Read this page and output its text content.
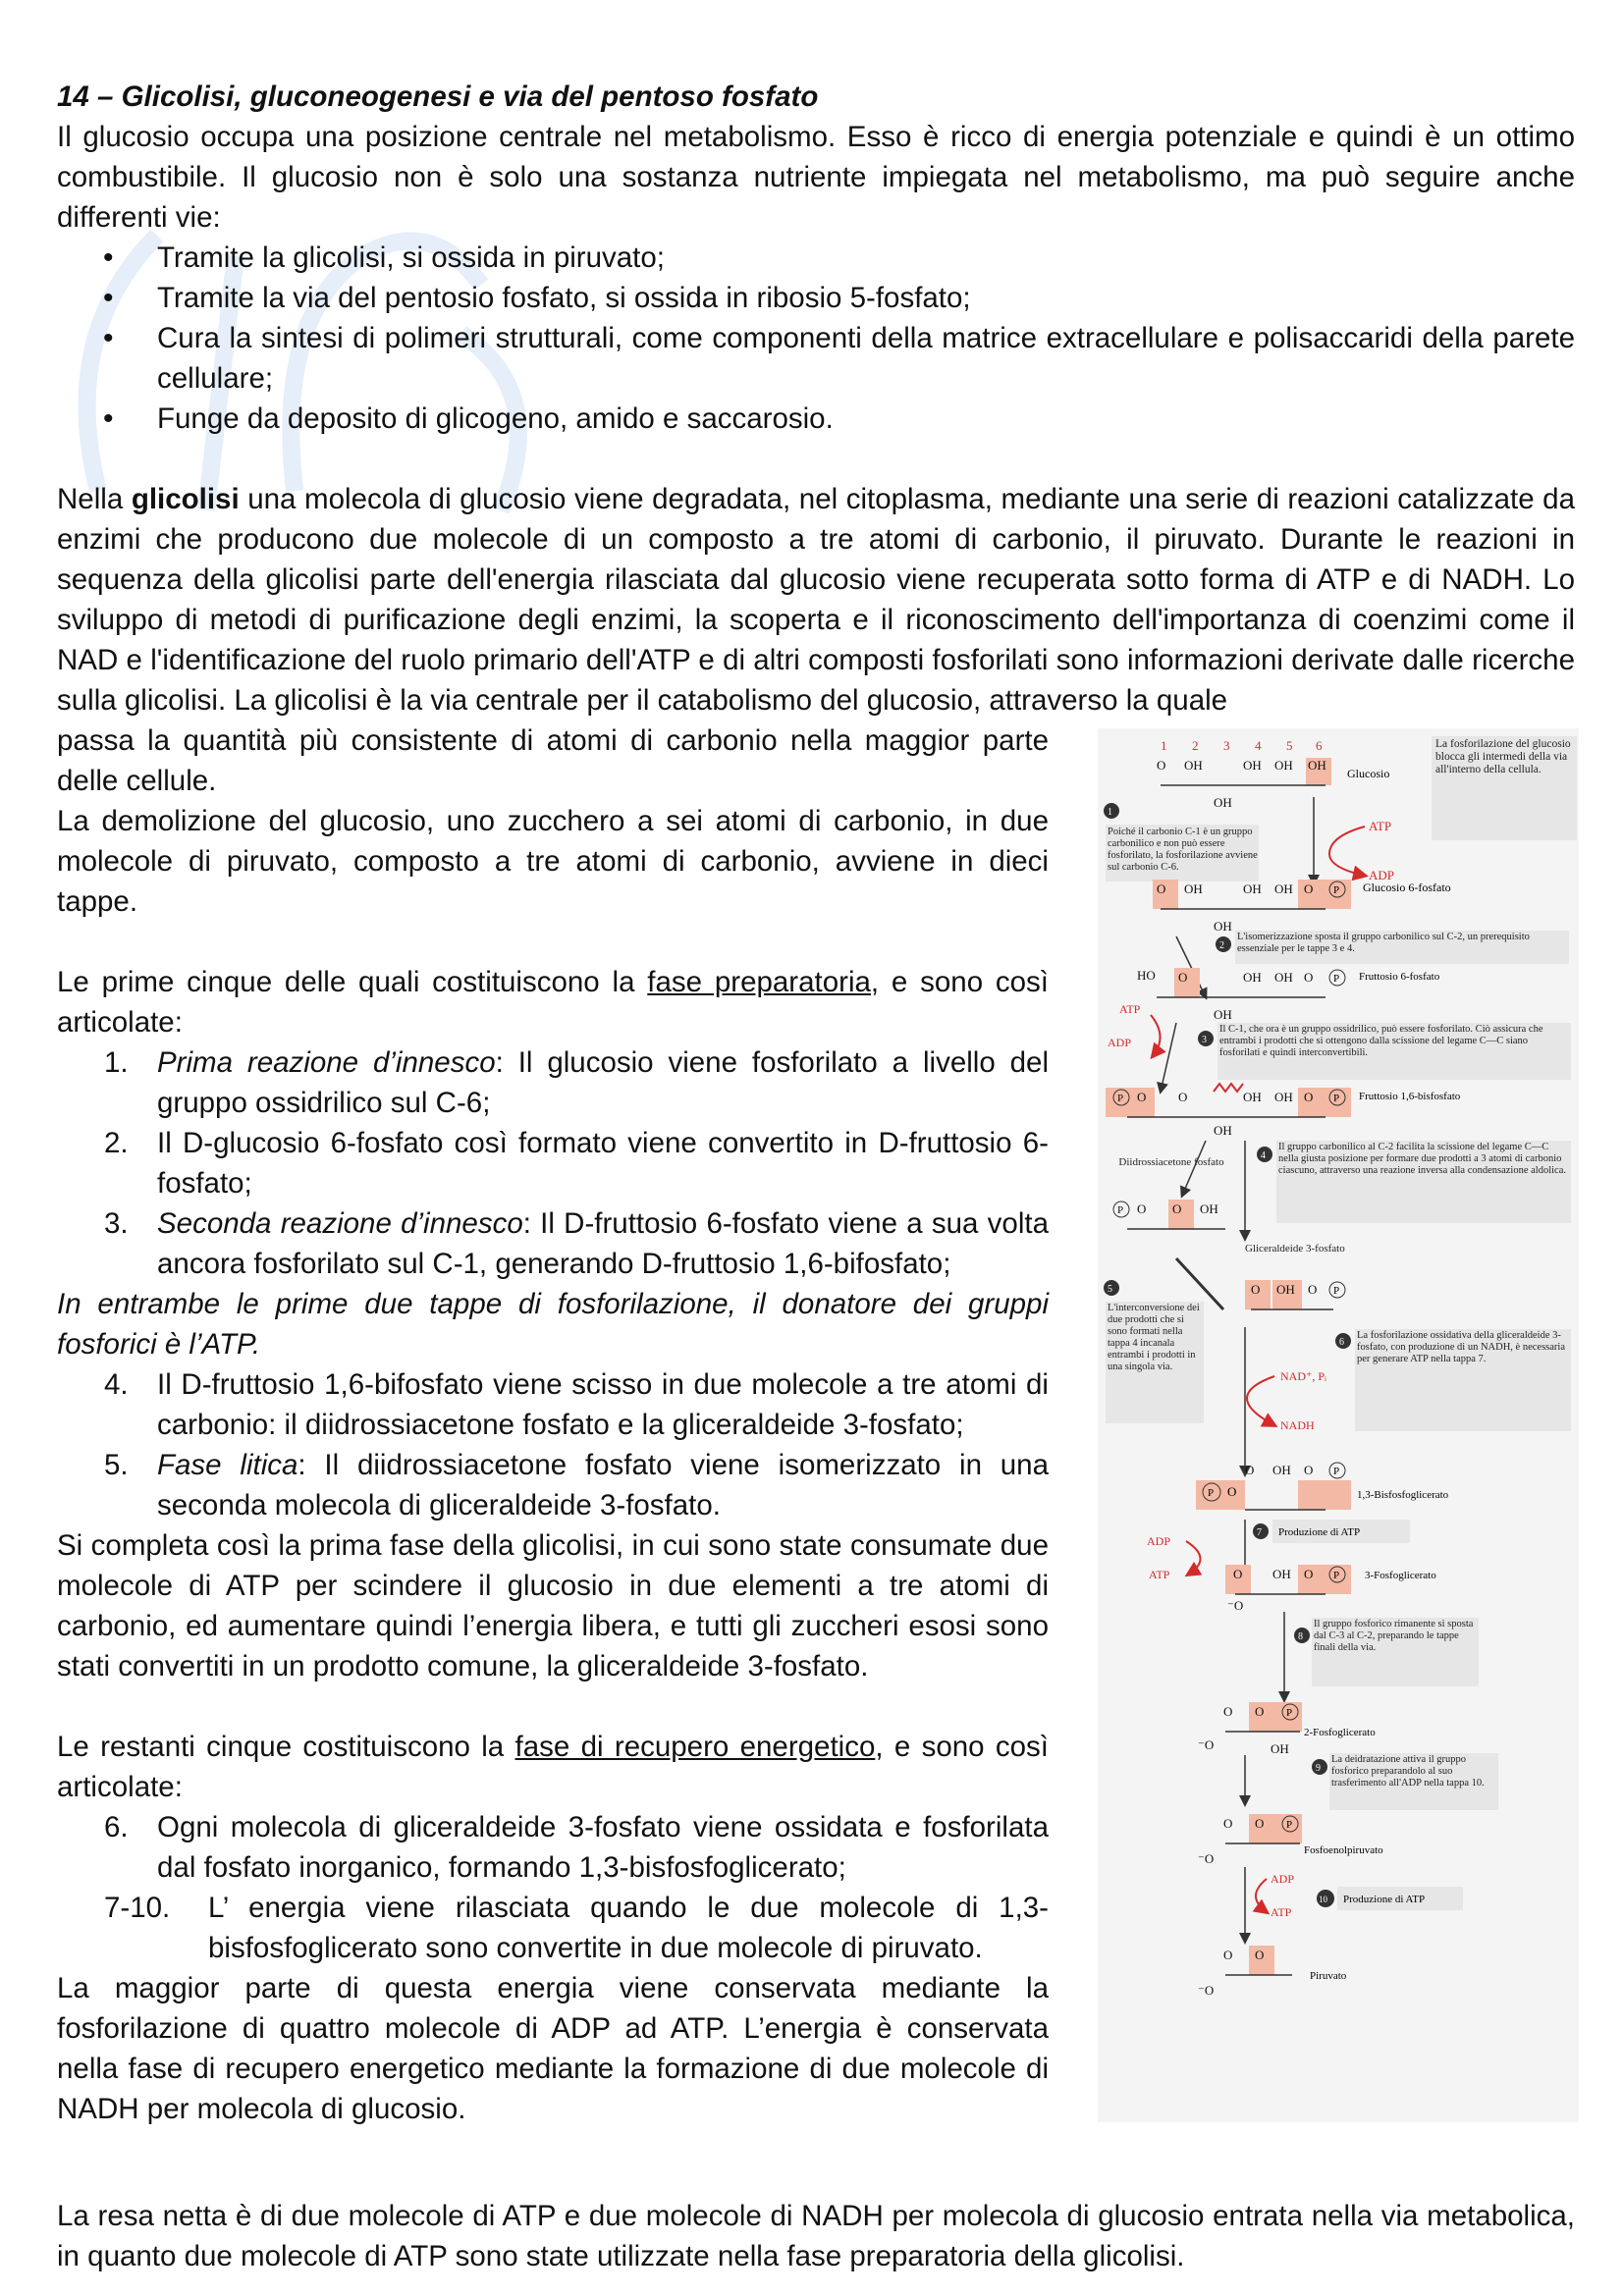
14 – Glicolisi, gluconeogenesi e via del pentoso fosfato

Il glucosio occupa una posizione centrale nel metabolismo. Esso è ricco di energia potenziale e quindi è un ottimo combustibile. Il glucosio non è solo una sostanza nutriente impiegata nel metabolismo, ma può seguire anche differenti vie:

• Tramite la glicolisi, si ossida in piruvato;
• Tramite la via del pentosio fosfato, si ossida in ribosio 5-fosfato;
• Cura la sintesi di polimeri strutturali, come componenti della matrice extracellulare e polisaccaridi della parete cellulare;
• Funge da deposito di glicogeno, amido e saccarosio.

Nella glicolisi una molecola di glucosio viene degradata, nel citoplasma, mediante una serie di reazioni catalizzate da enzimi che producono due molecole di un composto a tre atomi di carbonio, il piruvato. Durante le reazioni in sequenza della glicolisi parte dell'energia rilasciata dal glucosio viene recuperata sotto forma di ATP e di NADH. Lo sviluppo di metodi di purificazione degli enzimi, la scoperta e il riconoscimento dell'importanza di coenzimi come il NAD e l'identificazione del ruolo primario dell'ATP e di altri composti fosforilati sono informazioni derivate dalle ricerche sulla glicolisi. La glicolisi è la via centrale per il catabolismo del glucosio, attraverso la quale

passa la quantità più consistente di atomi di carbonio nella maggior parte delle cellule.

La demolizione del glucosio, uno zucchero a sei atomi di carbonio, in due molecole di piruvato, composto a tre atomi di carbonio, avviene in dieci tappe.

Le prime cinque delle quali costituiscono la fase preparatoria, e sono così articolate:

1. Prima reazione d’innesco: Il glucosio viene fosforilato a livello del gruppo ossidrilico sul C-6;
2. Il D-glucosio 6-fosfato così formato viene convertito in D-fruttosio 6-fosfato;
3. Seconda reazione d’innesco: Il D-fruttosio 6-fosfato viene a sua volta ancora fosforilato sul C-1, generando D-fruttosio 1,6-bifosfato;

In entrambe le prime due tappe di fosforilazione, il donatore dei gruppi fosforici è l’ATP.

4. Il D-fruttosio 1,6-bifosfato viene scisso in due molecole a tre atomi di carbonio: il diidrossiacetone fosfato e la gliceraldeide 3-fosfato;
5. Fase litica: Il diidrossiacetone fosfato viene isomerizzato in una seconda molecola di gliceraldeide 3-fosfato.

Si completa così la prima fase della glicolisi, in cui sono state consumate due molecole di ATP per scindere il glucosio in due elementi a tre atomi di carbonio, ed aumentare quindi l’energia libera, e tutti gli zuccheri esosi sono stati convertiti in un prodotto comune, la gliceraldeide 3-fosfato.

Le restanti cinque costituiscono la fase di recupero energetico, e sono così articolate:

6. Ogni molecola di gliceraldeide 3-fosfato viene ossidata e fosforilata dal fosfato inorganico, formando 1,3-bisfosfoglicerato;
7-10. L’ energia viene rilasciata quando le due molecole di 1,3-bisfosfoglicerato sono convertite in due molecole di piruvato.

La maggior parte di questa energia viene conservata mediante la fosforilazione di quattro molecole di ADP ad ATP. L’energia è conservata nella fase di recupero energetico mediante la formazione di due molecole di NADH per molecola di glucosio.

La resa netta è di due molecole di ATP e due molecole di NADH per molecola di glucosio entrata nella via metabolica, in quanto due molecole di ATP sono state utilizzate nella fase preparatoria della glicolisi.

1 2 3 4 5 6
O OH	OH OH OH
OH
Glucosio
La fosforilazione del glucosio blocca gli intermedi della via all'interno della cellula.
1
Poiché il carbonio C-1 è un gruppo carbonilico e non può essere fosforilato, la fosforilazione avviene sul carbonio C-6.
ATP
ADP
O OH	OH OH O
OH
P Glucosio 6-fosfato
2
L'isomerizzazione sposta il gruppo carbonilico sul C-2, un prerequisito essenziale per le tappe 3 e 4.
HO O	OH OH O
OH
P Fruttosio 6-fosfato
ATP
ADP	3
Il C-1, che ora è un gruppo ossidrilico, può essere fosforilato. Ciò assicura che entrambi i prodotti che si ottengono dalla scissione del legame C—C siano fosforilati e quindi interconvertibili.
P O	O	OH OH O
OH
P Fruttosio 1,6-bisfosfato
4
Il gruppo carbonilico al C-2 facilita la scissione del legame C—C nella giusta posizione per formare due prodotti a 3 atomi di carbonio ciascuno, attraverso una reazione inversa alla condensazione aldolica.
Diidrossiacetone fosfato
P O O OH
Gliceraldeide 3-fosfato
5
L'interconversione dei due prodotti che si sono formati nella tappa 4 incanala entrambi i prodotti in una singola via.
O OH O P
NAD⁺, Pᵢ
NADH
6
La fosforilazione ossidativa della gliceraldeide 3-fosfato, con produzione di un NADH, è necessaria per generare ATP nella tappa 7.
O OH O P
P O	1,3-Bisfosfoglicerato
ADP
ATP
7 Produzione di ATP
O OH O
⁻O
P 3-Fosfoglicerato
8
Il gruppo fosforico rimanente si sposta dal C-3 al C-2, preparando le tappe finali della via.
O O
⁻O	OH
P
2-Fosfoglicerato
9
La deidratazione attiva il gruppo fosforico preparandolo al suo trasferimento all'ADP nella tappa 10.
O O
⁻O
P
Fosfoenolpiruvato
ADP
ATP
10 Produzione di ATP
O O
⁻O
Piruvato
